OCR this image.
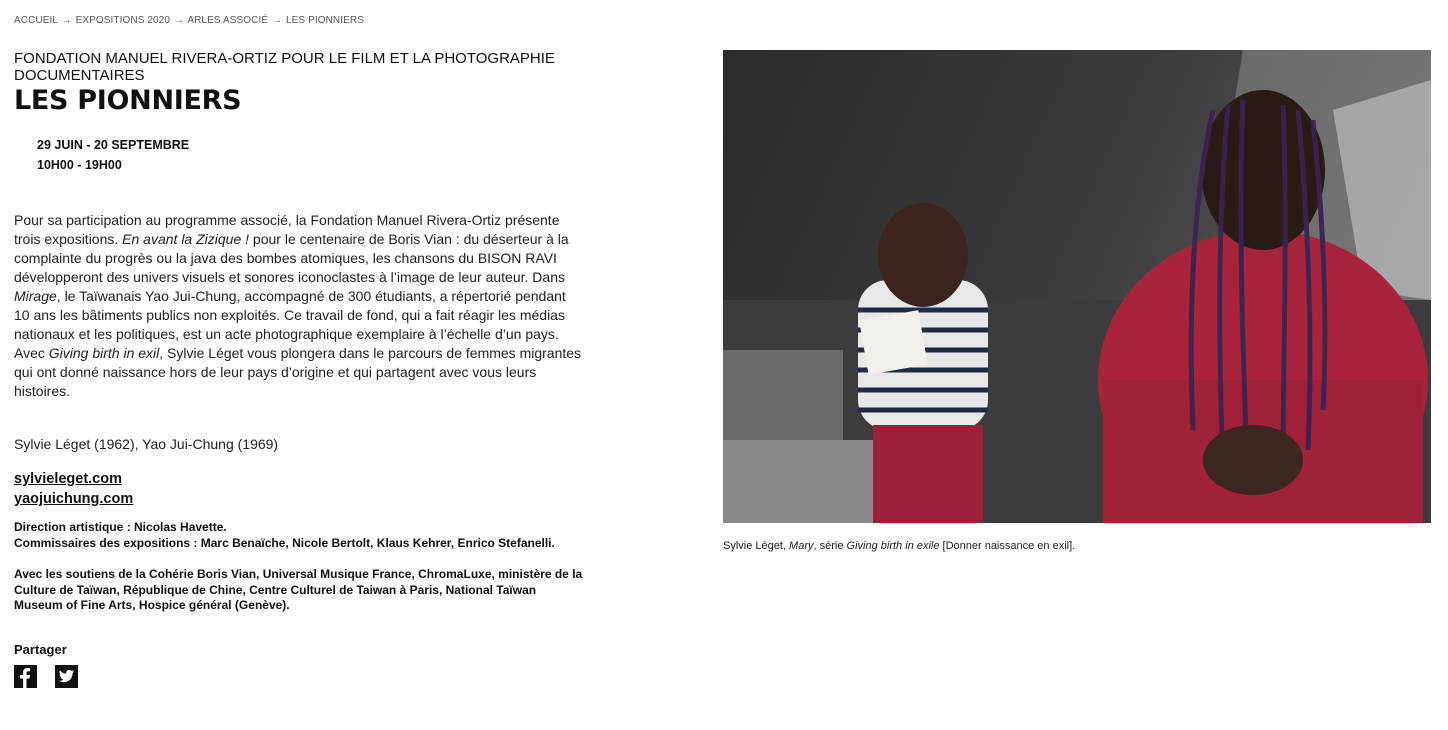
ACCUEIL → EXPOSITIONS 2020 → ARLES ASSOCIÉ → LES PIONNIERS
FONDATION MANUEL RIVERA-ORTIZ POUR LE FILM ET LA PHOTOGRAPHIE DOCUMENTAIRES
LES PIONNIERS
29 JUIN - 20 SEPTEMBRE
10H00 - 19H00

Pour sa participation au programme associé, la Fondation Manuel Rivera-Ortiz présente trois expositions. En avant la Zizique ! pour le centenaire de Boris Vian : du déserteur à la complainte du progrès ou la java des bombes atomiques, les chansons du BISON RAVI développeront des univers visuels et sonores iconoclastes à l’image de leur auteur. Dans Mirage, le Taïwanais Yao Jui-Chung, accompagné de 300 étudiants, a répertorié pendant 10 ans les bâtiments publics non exploités. Ce travail de fond, qui a fait réagir les médias nationaux et les politiques, est un acte photographique exemplaire à l’échelle d’un pays. Avec Giving birth in exil, Sylvie Léget vous plongera dans le parcours de femmes migrantes qui ont donné naissance hors de leur pays d’origine et qui partagent avec vous leurs histoires.

Sylvie Léget (1962), Yao Jui-Chung (1969)
sylvieleget.com
yaojuichung.com
Direction artistique : Nicolas Havette.
Commissaires des expositions : Marc Benaïche, Nicole Bertolt, Klaus Kehrer, Enrico Stefanelli.
Avec les soutiens de la Cohérie Boris Vian, Universal Musique France, ChromaLuxe, ministère de la Culture de Taïwan, République de Chine, Centre Culturel de Taiwan à Paris, National Taïwan Museum of Fine Arts, Hospice général (Genève).
Partager
Sylvie Léget, Mary, série Giving birth in exile [Donner naissance en exil].
